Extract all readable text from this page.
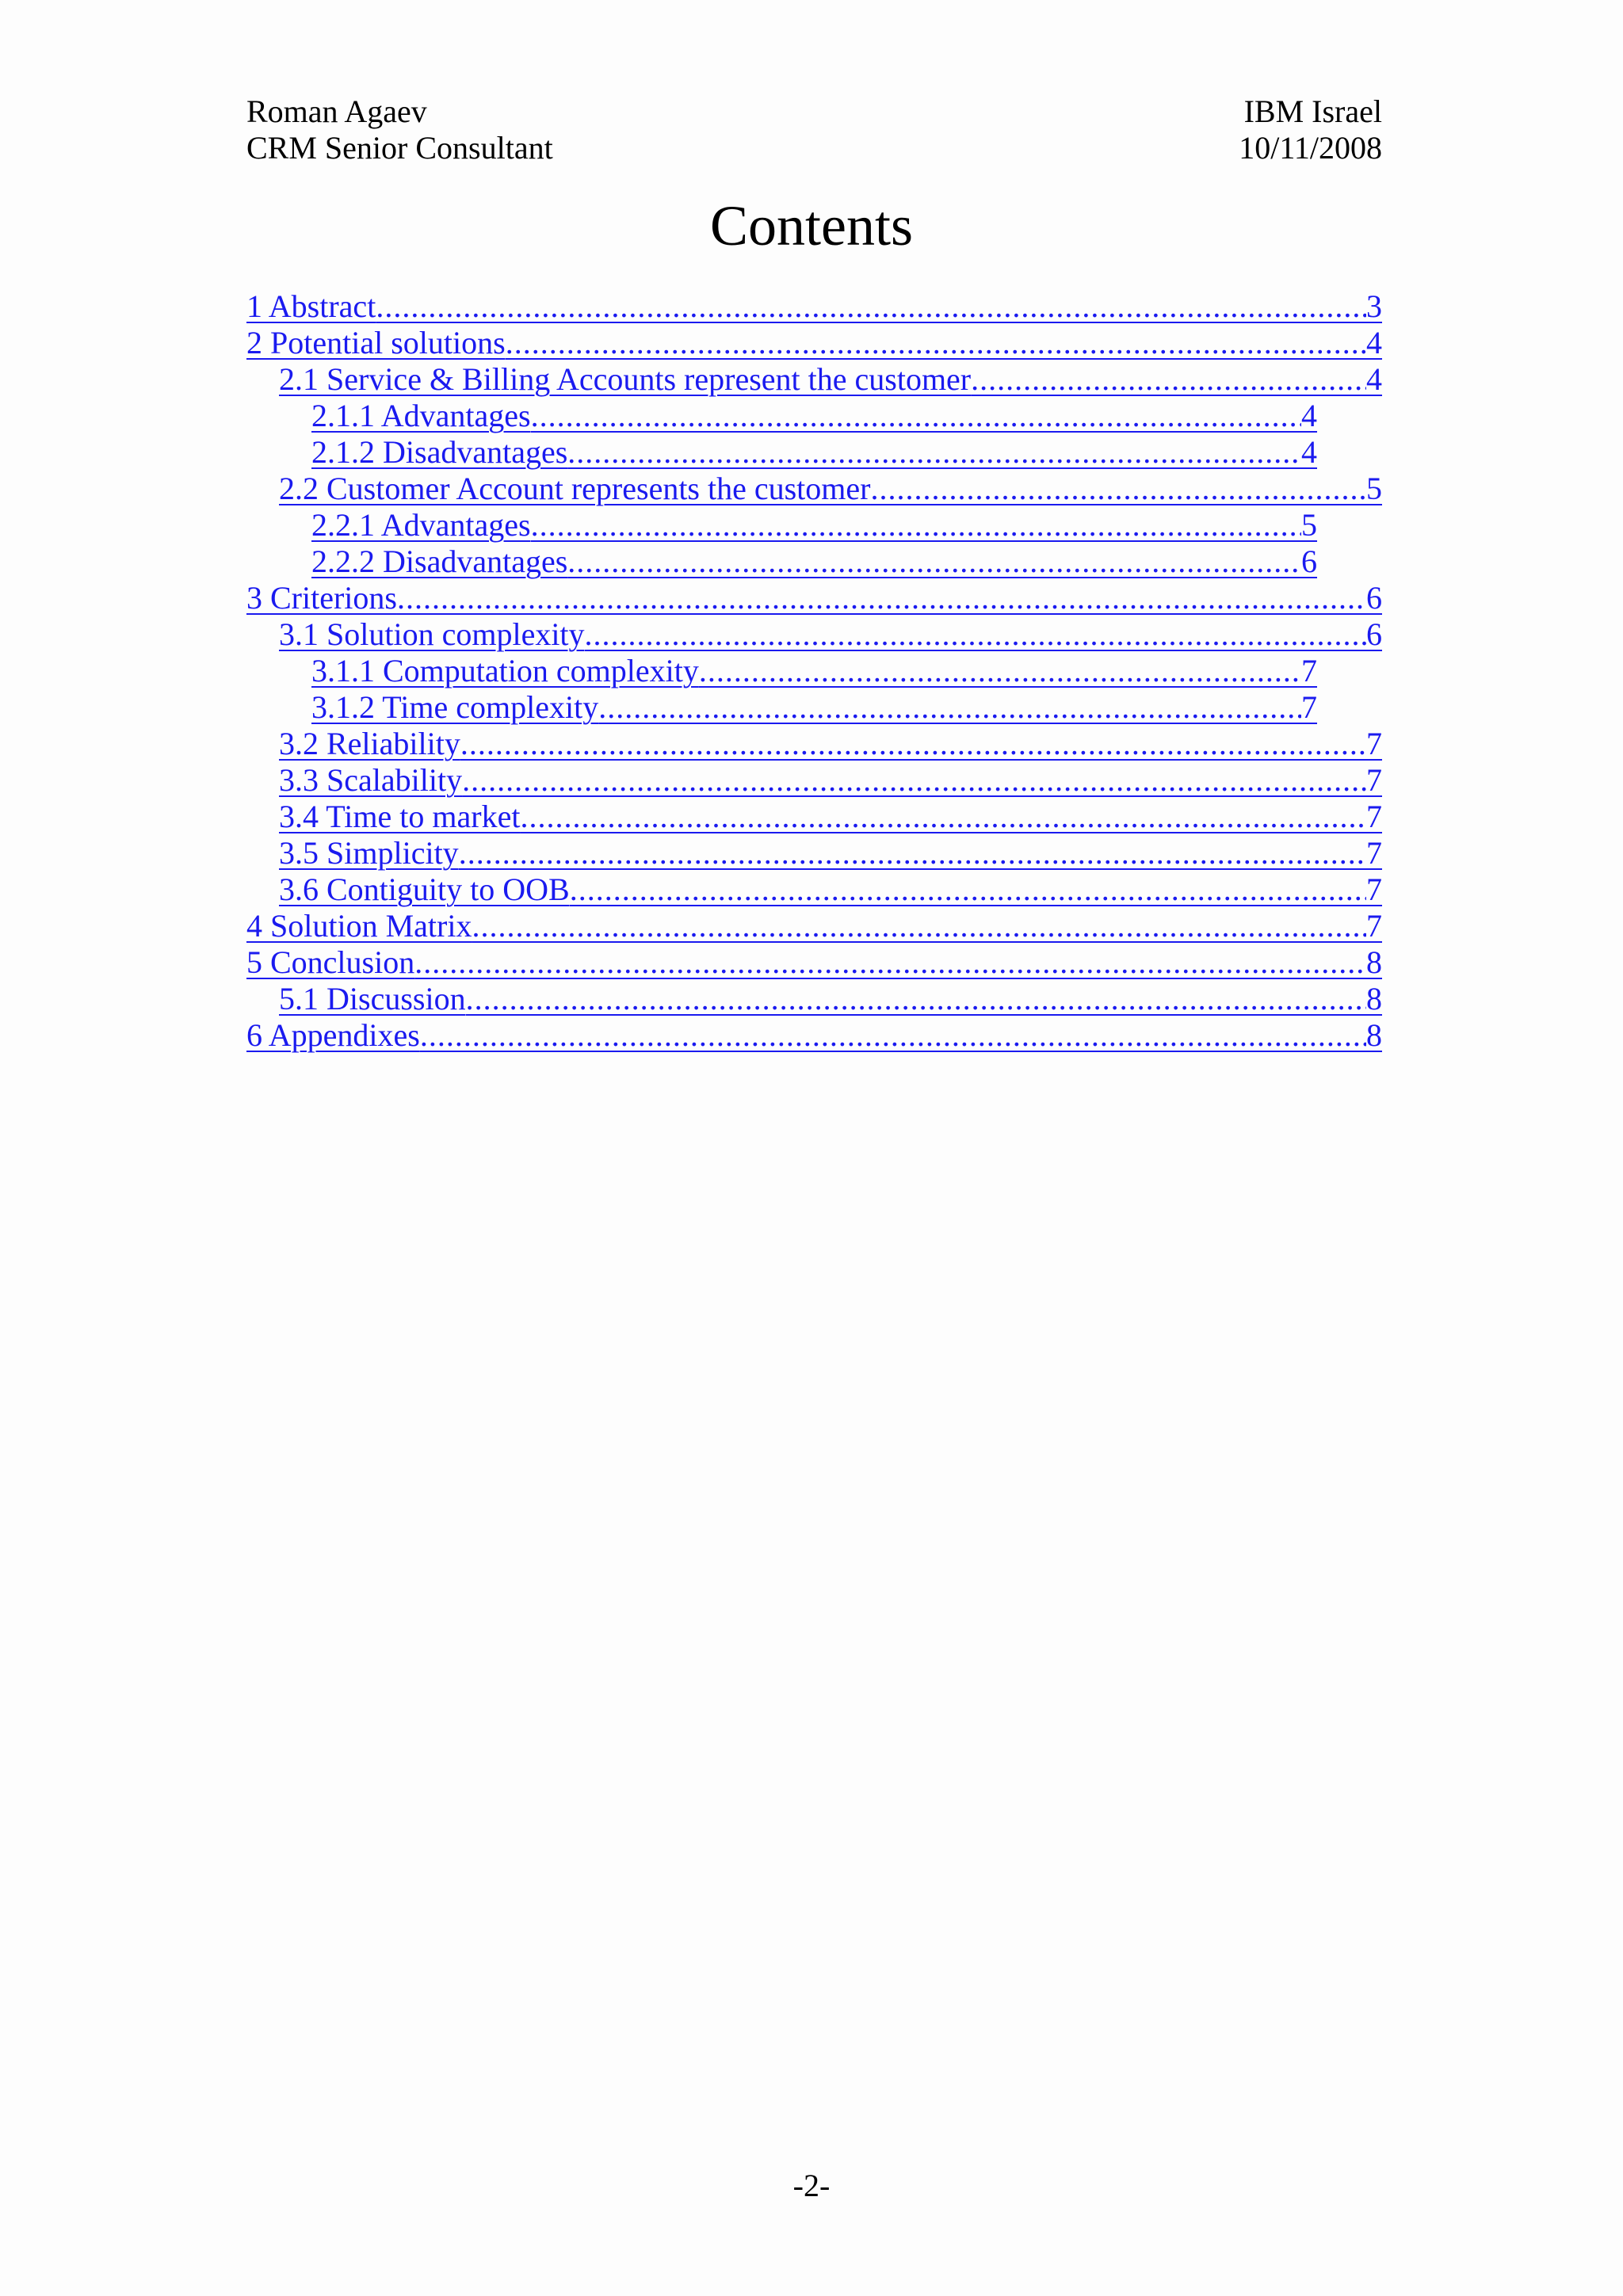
Roman Agaev	IBM Israel
CRM Senior Consultant	10/11/2008
Contents
1 Abstract .....	3
2 Potential solutions .....	4
2.1 Service & Billing Accounts represent the customer .....	4
2.1.1 Advantages .....	4
2.1.2 Disadvantages .....	4
2.2 Customer Account represents the customer .....	5
2.2.1 Advantages .....	5
2.2.2 Disadvantages .....	6
3 Criterions .....	6
3.1 Solution complexity .....	6
3.1.1 Computation complexity .....	7
3.1.2 Time complexity .....	7
3.2 Reliability .....	7
3.3 Scalability .....	7
3.4 Time to market .....	7
3.5 Simplicity .....	7
3.6 Contiguity to OOB .....	7
4 Solution Matrix .....	7
5 Conclusion .....	8
5.1 Discussion .....	8
6 Appendixes .....	8
-2-
